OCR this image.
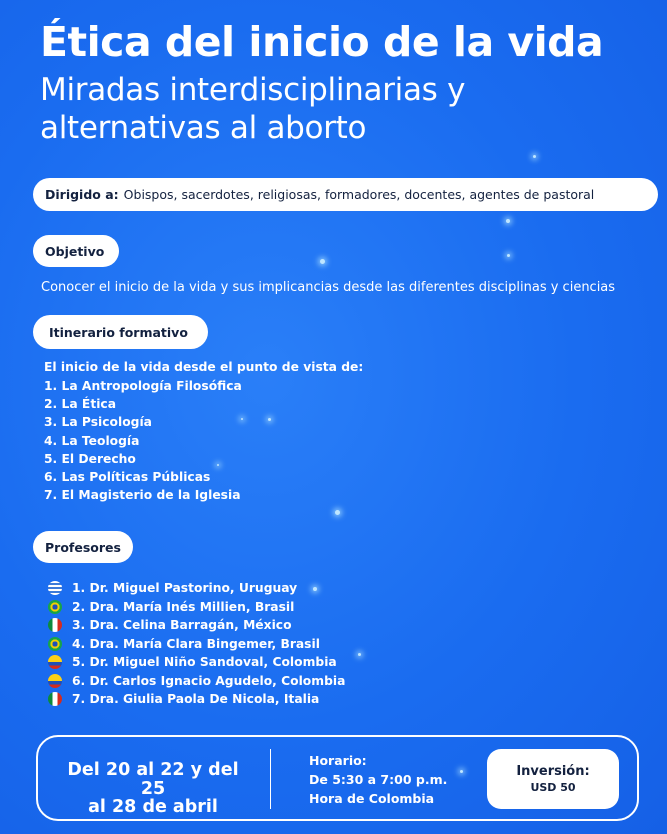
Ética del inicio de la vida
Miradas interdisciplinarias y
alternativas al aborto
Dirigido a: Obispos, sacerdotes, religiosas, formadores, docentes, agentes de pastoral
Objetivo
Conocer el inicio de la vida y sus implicancias desde las diferentes disciplinas y ciencias
Itinerario formativo
El inicio de la vida desde el punto de vista de:
1. La Antropología Filosófica
2. La Ética
3. La Psicología
4. La Teología
5. El Derecho
6. Las Políticas Públicas
7. El Magisterio de la Iglesia
Profesores
1. Dr. Miguel Pastorino, Uruguay
2. Dra. María Inés Millien, Brasil
3. Dra. Celina Barragán, México
4. Dra. María Clara Bingemer, Brasil
5. Dr. Miguel Niño Sandoval, Colombia
6. Dr. Carlos Ignacio Agudelo, Colombia
7. Dra. Giulia Paola De Nicola, Italia
Del 20 al 22 y del 25
al 28 de abril
Horario:
De 5:30 a 7:00 p.m.
Hora de Colombia
Inversión:
USD 50
